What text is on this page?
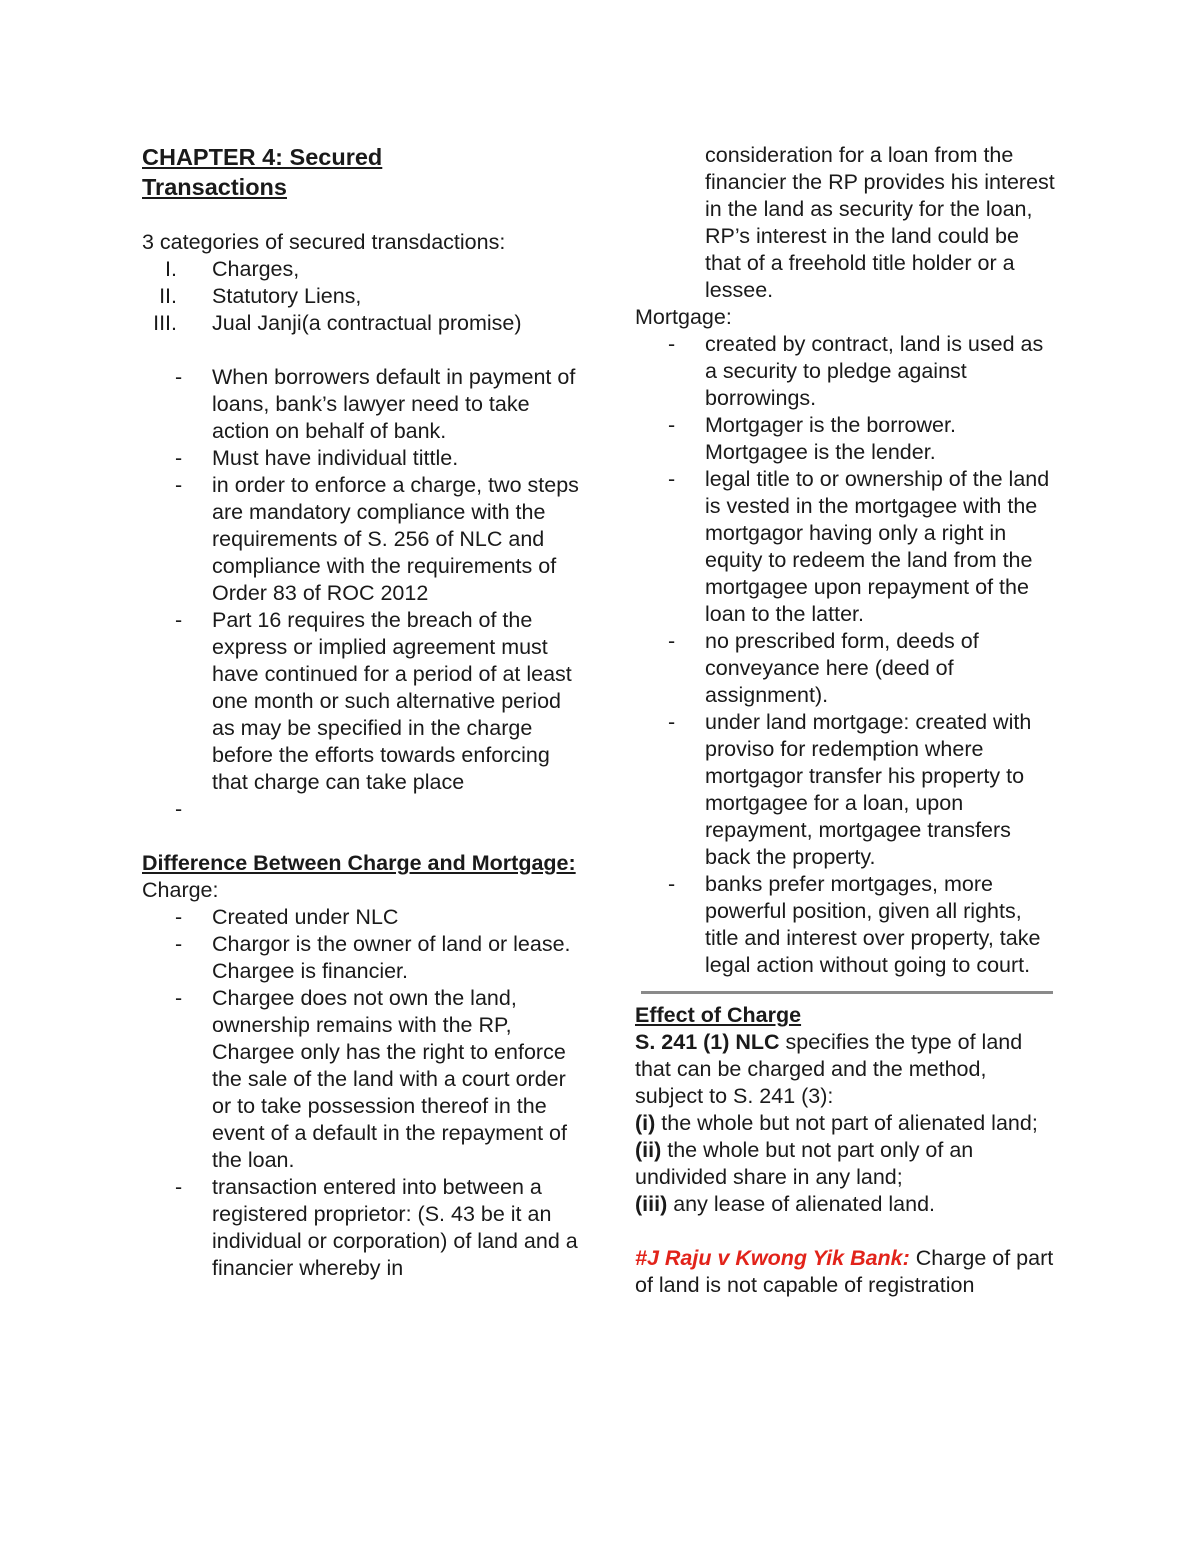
CHAPTER 4: Secured Transactions

3 categories of secured transdactions:

I. Charges,
II. Statutory Liens,
III. Jual Janji(a contractual promise)
- When borrowers default in payment of loans, bank’s lawyer need to take action on behalf of bank.
- Must have individual tittle.
- in order to enforce a charge, two steps are mandatory compliance with the requirements of S. 256 of NLC and compliance with the requirements of Order 83 of ROC 2012
- Part 16 requires the breach of the express or implied agreement must have continued for a period of at least one month or such alternative period as may be specified in the charge before the efforts towards enforcing that charge can take place
-

Difference Between Charge and Mortgage:

Charge:

- Created under NLC
- Chargor is the owner of land or lease. Chargee is financier.
- Chargee does not own the land, ownership remains with the RP, Chargee only has the right to enforce the sale of the land with a court order or to take possession thereof in the event of a default in the repayment of the loan.
- transaction entered into between a registered proprietor: (S. 43 be it an individual or corporation) of land and a financier whereby in
consideration for a loan from the financier the RP provides his interest in the land as security for the loan, RP’s interest in the land could be that of a freehold title holder or a lessee.

Mortgage:

- created by contract, land is used as a security to pledge against borrowings.
- Mortgager is the borrower. Mortgagee is the lender.
- legal title to or ownership of the land is vested in the mortgagee with the mortgagor having only a right in equity to redeem the land from the mortgagee upon repayment of the loan to the latter.
- no prescribed form, deeds of conveyance here (deed of assignment).
- under land mortgage: created with proviso for redemption where mortgagor transfer his property to mortgagee for a loan, upon repayment, mortgagee transfers back the property.
- banks prefer mortgages, more powerful position, given all rights, title and interest over property, take legal action without going to court.
Effect of Charge

S. 241 (1) NLC specifies the type of land that can be charged and the method, subject to S. 241 (3):

(i) the whole but not part of alienated land;

(ii) the whole but not part only of an undivided share in any land;

(iii) any lease of alienated land.

#J Raju v Kwong Yik Bank: Charge of part of land is not capable of registration
